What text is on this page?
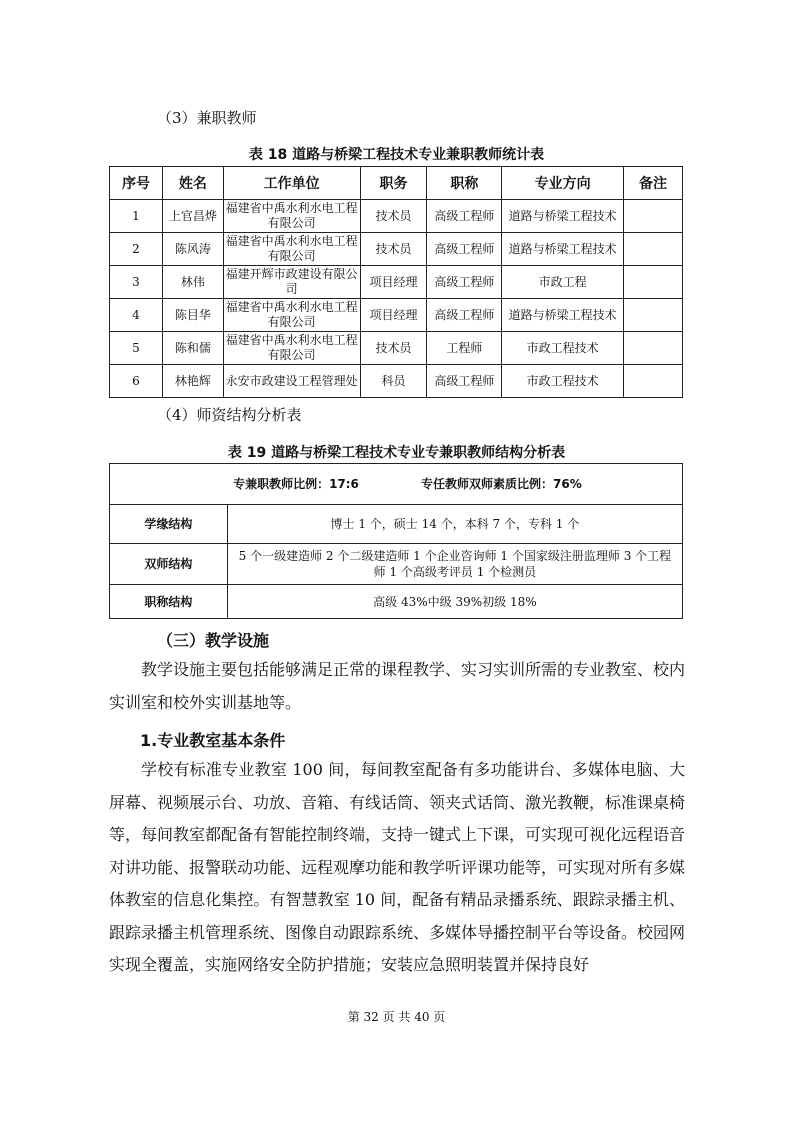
（3）兼职教师
表 18 道路与桥梁工程技术专业兼职教师统计表
序号	姓名	工作单位	职务	职称	专业方向	备注
1	上官昌烨	福建省中禹水利水电工程有限公司	技术员	高级工程师	道路与桥梁工程技术	
2	陈风涛	福建省中禹水利水电工程有限公司	技术员	高级工程师	道路与桥梁工程技术	
3	林伟	福建开辉市政建设有限公司	项目经理	高级工程师	市政工程	
4	陈目华	福建省中禹水利水电工程有限公司	项目经理	高级工程师	道路与桥梁工程技术	
5	陈和儒	福建省中禹水利水电工程有限公司	技术员	工程师	市政工程技术	
6	林艳辉	永安市政建设工程管理处	科员	高级工程师	市政工程技术	
（4）师资结构分析表
表 19 道路与桥梁工程技术专业专兼职教师结构分析表
专兼职教师比例：17:6 专任教师双师素质比例：76%	
学缘结构	博士 1 个，硕士 14 个，本科 7 个，专科 1 个
双师结构	5 个一级建造师 2 个二级建造师 1 个企业咨询师 1 个国家级注册监理师 3 个工程师 1 个高级考评员 1 个检测员
职称结构	高级 43%中级 39%初级 18%
（三）教学设施
教学设施主要包括能够满足正常的课程教学、实习实训所需的专业教室、校内实训室和校外实训基地等。
1.专业教室基本条件
学校有标准专业教室 100 间，每间教室配备有多功能讲台、多媒体电脑、大屏幕、视频展示台、功放、音箱、有线话筒、领夹式话筒、激光教鞭，标准课桌椅等，每间教室都配备有智能控制终端，支持一键式上下课，可实现可视化远程语音对讲功能、报警联动功能、远程观摩功能和教学听评课功能等，可实现对所有多媒体教室的信息化集控。有智慧教室 10 间，配备有精品录播系统、跟踪录播主机、跟踪录播主机管理系统、图像自动跟踪系统、多媒体导播控制平台等设备。校园网实现全覆盖，实施网络安全防护措施；安装应急照明装置并保持良好
第 32 页 共 40 页
